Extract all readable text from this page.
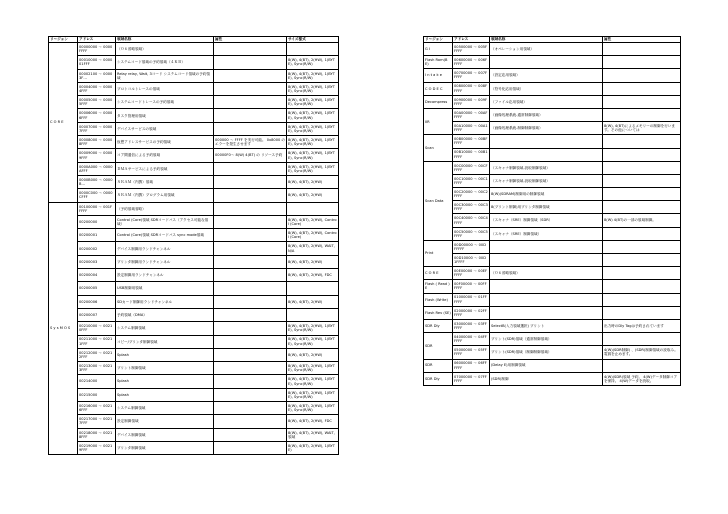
リージョン	アドレス	領域名称	属性	サイズ様式
C O R E	00000000 〜 0000FFFF	（０６省略領域）		
	00010000 〜 000001FFF	システムコード領域の予約領域（４ＫＢ）		8(W), 4(BT), 2(HW), 1(BYTE), Sync(R/W)
	00002100 〜 00003F…	Relay relay, Wait, 3コード システムコード領域の予約領域		8(W), 4(BT), 2(HW), 1(BYTE), Sync(R/W)
	00004000 〜 00004FFF	プロトコルトレースの領域		8(W), 4(BT), 2(HW), 1(BYTE), Sync(R/W)
	00005000 〜 00005FFF	システムコードトレースの予約領域		8(W), 4(BT), 2(HW), 1(BYTE), Sync(R/W)
	00006000 〜 00006FFF	タスク管理用領域		8(W), 4(BT), 2(HW), 1(BYTE), Sync(R/W)
	00007000 〜 00007FFF	デバイスサービスの領域		8(W), 4(BT), 2(HW), 1(BYTE), Sync(R/W)
	00008000 〜 00008FFF	仮想アドレスサービスの予約領域	000000 〜 FFFF を実行可能。 0x8000 のエラーを発生させます	8(W), 4(BT), 2(HW), 1(BYTE), Sync(R/W)
	00009000 〜 00009FFF	コア間通信による予約領域	00000F0〜 8(W) 4(BT) の リソース予約	8(W), 4(BT), 2(HW), 1(BYTE), Sync(R/W)
	0000A000 〜 0000AFFF	ＤＭＡサービスによる予約領域		8(W), 4(BT), 2(HW), 1(BYTE), Sync(R/W)
	0000B000 〜 0000B…	ＳＲＡＭ（内薵）領域		8(W), 4(BT), 2(HW)
	0000C000 〜 0000CFFF	ＳＲＡＭ（内薵）プログラム用領域		8(W), 4(BT), 2(HW)
S y s M O S	00100000 〜 001FFFFF	（予約領域省略）		
	00200000	Control (Core)領域 SDRコードバス（アクセス可能な領域）		8(W), 4(BT), 2(HW), Control (Core)
	00200001	Control (Core)領域 SDRコードバス sync mode領域		8(W), 4(BT), 2(HW), Control (Core)
	00200002	デバイス制御用ランドチャンネル		8(W), 4(BT), 2(HW), WAIT, N/A
	00200003	プリンタ制御用ランドチャンネル		8(W), 4(BT), 2(HW)
	00200004	設定制御用ランドチャンネル		8(W), 4(BT), 2(HW), FDC
	00200005	USB制御用領域		
	00200006	SDカード制御用ランドチャンネル		8(W), 4(BT), 2(HW)
	00200007	予約領域（DMA）		
	00210000 〜 00210FFF	システム制御領域		8(W), 4(BT), 2(HW), 1(BYTE), Sync(R/W)
	00211000 〜 00211FFF	コピー/プリンタ制御領域		8(W), 4(BT), 2(HW), 1(BYTE), Sync(R/W)
	00212000 〜 00212FFF	Splash		8(W), 4(BT), 2(HW)
	00213000 〜 00213FFF	プリント制御領域		8(W), 4(BT), 2(HW), 1(BYTE), Sync(R/W)
	00214000	Splash		8(W), 4(BT), 2(HW), 1(BYTE), Sync(R/W)
	00215000	Splash		8(W), 4(BT), 2(HW), 1(BYTE), Sync(R/W)
	00216000 〜 00216FFF	システム制御領域		8(W), 4(BT), 2(HW), 1(BYTE), Sync(R/W)
	00217000 〜 00217FFF	設定制御領域		8(W), 4(BT), 2(HW), FDC
	00218000 〜 00218FFF	デバイス制御領域		8(W), 4(BT), 2(HW), WAIT, 領域
	00219000 〜 00219FFF	プリンタ制御領域		8(W), 4(BT), 2(HW), 1(BYTE)
リージョン	アドレス	領域名称	属性
G I	00500000 〜 005FFFFF	（オペレーション用領域）	
Flash Rom(BE)	00600000 〜 006FFFFF		
I n t a k e	00700000 〜 007FFFFF	（設定応用領域）	
C O D E C	00800000 〜 008FFFFF	（符号化応用領域）	
Decompress	00900000 〜 009FFFFF	（ファイル応用領域）	
IIR	00A00000 〜 00AFFFFF	（画像処理系統‐通常制御領域）	
	00A10000 〜 00A1FFFF	（画像処理系統‐制御制御領域）	8(W), 4(BT)によるメモリーの制御を行います。その他については
Scan	00B00000 〜 00BFFFFF		
	00B10000 〜 00B1FFFF		
Scan Data	00C00000 〜 00CFFFFF	（スキャナ制御領域‐読取制御領域）	
	00C10000 〜 00C1FFFF	（スキャナ制御領域‐読取制御領域）	
	00C20000 〜 00C2FFFF	8(W)(SDRAM)制御用の制御領域	
	00C30000 〜 00C3FFFF	8(プリント制御)用プリンタ制御領域	
	00C40000 〜 00C4FFFF	（スキャナ（SRE）制御領域（SDR）	8(W) 4(BT)の一部の領域制御。
	00C50000 〜 00C5FFFF	（スキャナ（SRE）制御領域）	
Print	00D00000 〜 00DFFFFF		
	00D10000 〜 00D1FFFF		
C O R E	00E00000 〜 00EFFFFF	（０６省略領域）	
Flash ( Read ) E	00F00000 〜 00FFFFFF		
Flash (Write)	01000000 〜 01FFFFFF		
Flash Rev (SE)	02000000 〜 02FFFFFF		
SDR Dly	03000000 〜 03FFFFFF	SelectB(入力領域選択) プリント	出力時のDly Tagは予約されています
SDR	04000000 〜 04FFFFFF	プリント(SDR)領域（通常制御領域）	
	05000000 〜 05FFFFFF	プリント(SDR)領域（制御制御領域）	4(W)(SDR制御) 、(SDR)制御領域の読取み。 電源を止めます。
SDR	06000000 〜 06FFFFFF	(Delay E)用制御領域	
SDR Dly	07000000 〜 07FFFFFF	(SDR)制御	4(W)(SDR)領域 予約。 4(W)データ制御コアを保持。 4(W)データを読取。
